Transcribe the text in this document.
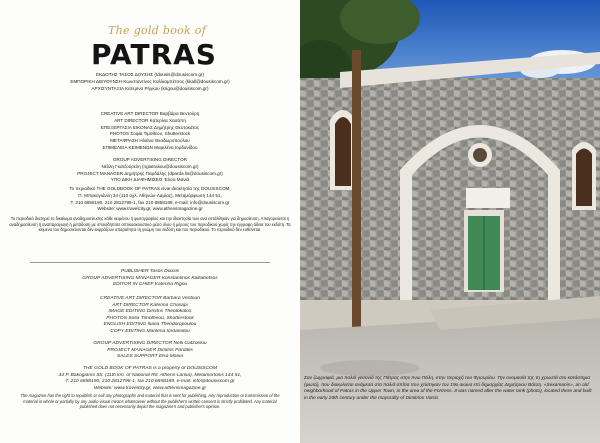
The gold book of
PATRAS
ΕΚΔΟΤΗΣ ΤΑΣΟΣ ΔΟΥΣΗΣ (tdousis@dousiscom.gr)
ΕΜΠΟΡΙΚΗ ΔΙΕΥΘΥΝΣΗ Κωνσταντίνος Καλλιαμπέτσος (kkall@dousiscom.gr)
ΑΡΧΙΣΥΝΤΑΞΙΑ Κατερίνα Ρήγκου (krigou@dousiscom.gr)
CREATIVE ART DIRECTOR Βαρβάρα Βεντούρη
ART DIRECTOR Κατερίνα Χασάπη
ΕΠΕΞΕΡΓΑΣΙΑ ΕΙΚΟΝΑΣ Δημήτρης Θεοτοκάτος
PHOTOS Σοφία Τιμοθέου, Shutterstock
ΜΕΤΑΦΡΑΣΗ Ηλιάνα Θεοδωροπούλου
ΕΠΙΜΕΛΕΙΑ ΚΕΙΜΕΝΩΝ Μαριλένα Ιορδανίδου
GROUP ADVERTISING DIRECTOR
Νέλλη Γκατζούρελη (ngiatrakou@dousiscom.gr)
PROJECT MANAGER Δημήτρης Παρδάλης (dparda lis@dousiscom.gr)
ΥΠΟ ΔΙΚΗ ΔΙΑΦΗΜΙΣΕΙΣ Έλσα Μανιά
Το περιοδικό THE GOLDBOOK OF PATRAS είναι ιδιοκτησία της DOUSISCOM,
Π. Μπακογιάννη 34 (110 οχλ. Αθηνών-Λαμίας), Μεταμόρφωση 144 51,
Τ. 210 6858190, 210 2812798-1, fax 210 6858189, e-mail: info@dousiscom.gr
Website: www.travelcity.gr, www.athensmagazine.gr
Το περιοδικό διατηρεί το δικαίωμα αναδημοσίευσης κάθε κειμένου ή φωτογραφίας και την ιδιοκτησία των ανα εστάλθηκαν για δημοσίευση. Απαγορεύεται η αναδημοσίευση ή αναπαραγωγή ή μετάδοση με οποιοδήποτε οπτικοακουστικό μέσο όλου ή μέρους του περιοδικού χωρίς την έγγραφη άδεια του εκδότη. Τα κείμενα του δημοσιεύονται δεν εκφράζουν απαραίτητα τη γνώμη του εκδότη και του περιοδικού. Το περιοδικό δεν ευθύνεται.
PUBLISHER Tasos Dousis
GROUP ADVERTISING MANAGER Konstantinos Kalliabetsos
EDITOR IN CHIEF Katerina Rigou
CREATIVE ART DIRECTOR Barbara Ventouri
ART DIRECTOR Katerina Chasapi
IMAGE EDITING Dimitris Theotokatos
PHOTOS Sofia Timotheou, Shutterstock
ENGLISH EDITING Iliana Theodoropoulou
COPY EDITING Marilena Iordanidou
GROUP ADVERTISING DIRECTOR Nelli Gatzoelou
PROJECT MANAGER Dimitris Pardalis
SALES SUPPORT Elsa Mania
THE GOLD BOOK OF PATRAS is a property of DOUSISCOM
34 P. Bakogianni Str. (11th km. of National Rd. Athens-Lamia), Metamorfosis 144 51,
T. 210 6858190, 210 2812798-1, fax 210 6858189, e-mail: info@dousiscom.gr
Website: www.travelcity.gr, www.athensmagazine.gr
The magazine has the right to republish or sell any photographs and material that is sent for publishing. Any reproduction or transmission of the material in whole or partially by any audio-visual means whatsoever without the publisher's written consent is strictly prohibited. Any material published does not necessarily depict the magazine's and publisher's opinion.
Σαν ζωγραφιά, μια παλιά γειτονιά της Πάτρας στην Άνω Πόλη, στην περιοχή του Φρουρίου. Την ονομασία της τη χρωστά στο κατάστημα (φωτό), που διακρίνεται ανάμεσα στα παλιά σπίτια που χτίστηκαν τον 19ο αιώνα επί δημαρχίας Δημήτριου Βότση. «Sexamanis», an old neighborhood of Patras in the Upper Town, in the area of the Fortress. It was named after the water tank (photo), located there and built in the early 20th century under the mayoralty of Dimitrios Votsis
